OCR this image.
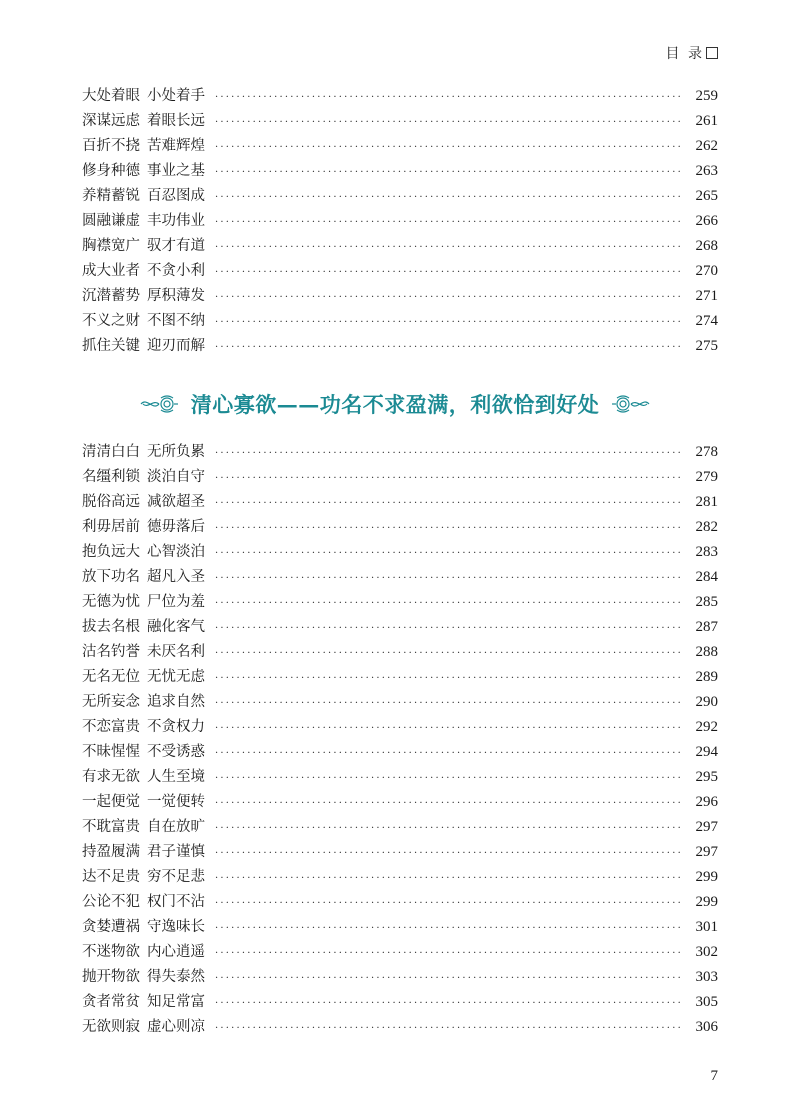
目 录
大处着眼 小处着手 ·····	259
深谋远虑 着眼长远 ·····	261
百折不挠 苦难辉煌 ·····	262
修身种德 事业之基 ·····	263
养精蓄锐 百忍图成 ·····	265
圆融谦虚 丰功伟业 ·····	266
胸襟宽广 驭才有道 ·····	268
成大业者 不贪小利 ·····	270
沉潜蓄势 厚积薄发 ·····	271
不义之财 不图不纳 ·····	274
抓住关键 迎刃而解 ·····	275
清心寡欲——功名不求盈满，利欲恰到好处
清清白白 无所负累 ·····	278
名缰利锁 淡泊自守 ·····	279
脱俗高远 减欲超圣 ·····	281
利毋居前 德毋落后 ·····	282
抱负远大 心智淡泊 ·····	283
放下功名 超凡入圣 ·····	284
无德为忧 尸位为羞 ·····	285
拔去名根 融化客气 ·····	287
沽名钓誉 未厌名利 ·····	288
无名无位 无忧无虑 ·····	289
无所妄念 追求自然 ·····	290
不恋富贵 不贪权力 ·····	292
不昧惺惺 不受诱惑 ·····	294
有求无欲 人生至境 ·····	295
一起便觉 一觉便转 ·····	296
不耽富贵 自在放旷 ·····	297
持盈履满 君子谨慎 ·····	297
达不足贵 穷不足悲 ·····	299
公论不犯 权门不沾 ·····	299
贪婪遭祸 守逸味长 ·····	301
不迷物欲 内心逍遥 ·····	302
抛开物欲 得失泰然 ·····	303
贪者常贫 知足常富 ·····	305
无欲则寂 虚心则凉 ·····	306
7
